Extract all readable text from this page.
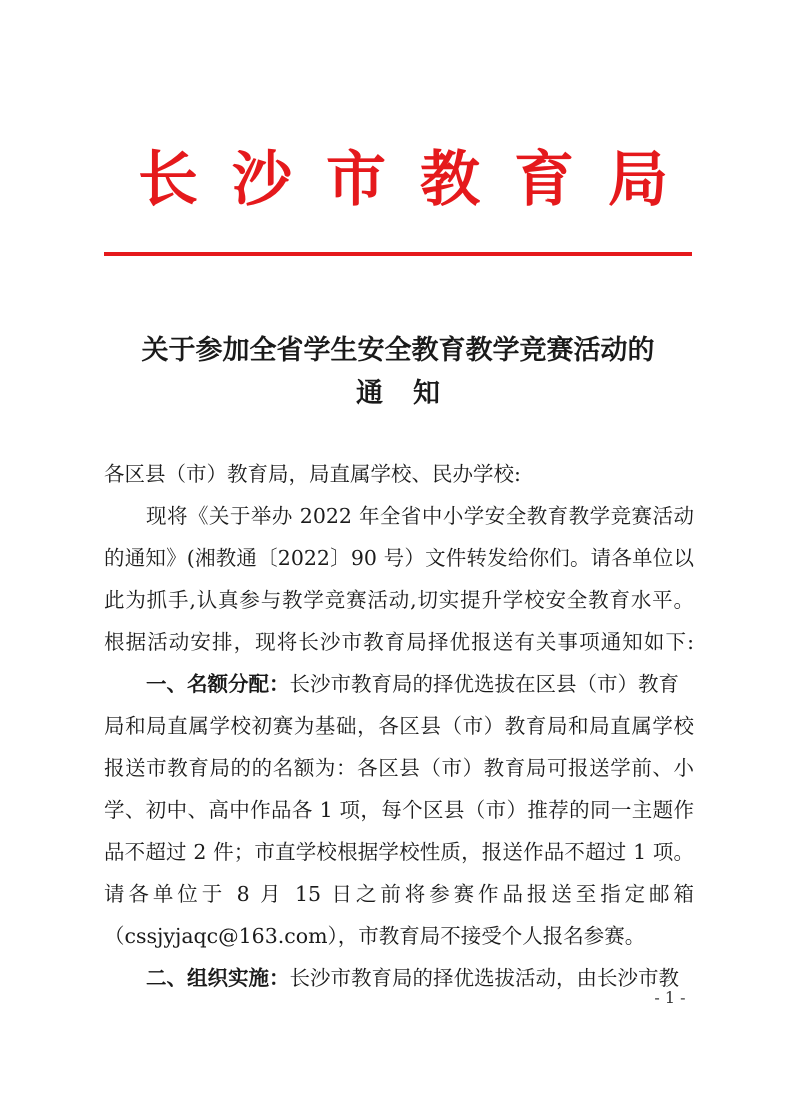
长沙市教育局
关于参加全省学生安全教育教学竞赛活动的
通知
各区县（市）教育局，局直属学校、民办学校:
现将《关于举办 2022 年全省中小学安全教育教学竞赛活动
的通知》(湘教通〔2022〕90 号）文件转发给你们。请各单位以
此为抓手,认真参与教学竞赛活动,切实提升学校安全教育水平。
根据活动安排，现将长沙市教育局择优报送有关事项通知如下:
一、名额分配：长沙市教育局的择优选拔在区县（市）教育
局和局直属学校初赛为基础，各区县（市）教育局和局直属学校
报送市教育局的的名额为：各区县（市）教育局可报送学前、小
学、初中、高中作品各 1 项，每个区县（市）推荐的同一主题作
品不超过 2 件；市直学校根据学校性质，报送作品不超过 1 项。
请各单位于 8 月 15 日之前将参赛作品报送至指定邮箱
（cssjyjaqc@163.com），市教育局不接受个人报名参赛。
二、组织实施：长沙市教育局的择优选拔活动，由长沙市教
- 1 -
